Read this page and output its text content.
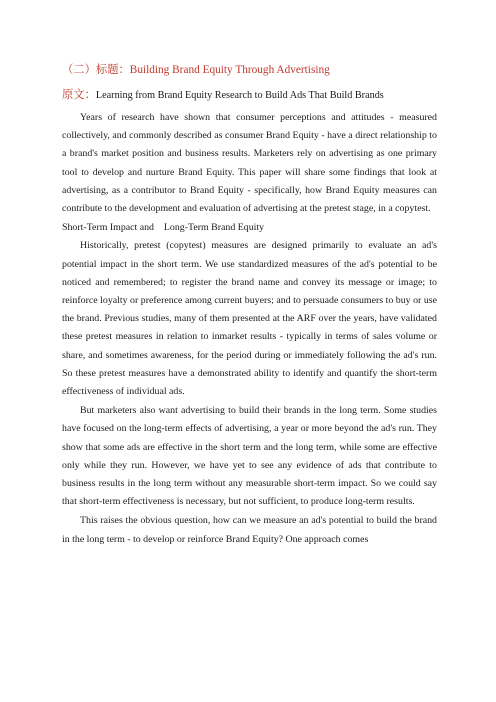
（二）标题：Building Brand Equity Through Advertising
原文：Learning from Brand Equity Research to Build Ads That Build Brands

Years of research have shown that consumer perceptions and attitudes - measured collectively, and commonly described as consumer Brand Equity - have a direct relationship to a brand's market position and business results. Marketers rely on advertising as one primary tool to develop and nurture Brand Equity. This paper will share some findings that look at advertising, as a contributor to Brand Equity - specifically, how Brand Equity measures can contribute to the development and evaluation of advertising at the pretest stage, in a copytest.

Short-Term Impact and    Long-Term Brand Equity

Historically, pretest (copytest) measures are designed primarily to evaluate an ad's potential impact in the short term. We use standardized measures of the ad's potential to be noticed and remembered; to register the brand name and convey its message or image; to reinforce loyalty or preference among current buyers; and to persuade consumers to buy or use the brand. Previous studies, many of them presented at the ARF over the years, have validated these pretest measures in relation to inmarket results - typically in terms of sales volume or share, and sometimes awareness, for the period during or immediately following the ad's run. So these pretest measures have a demonstrated ability to identify and quantify the short-term effectiveness of individual ads.

But marketers also want advertising to build their brands in the long term. Some studies have focused on the long-term effects of advertising, a year or more beyond the ad's run. They show that some ads are effective in the short term and the long term, while some are effective only while they run. However, we have yet to see any evidence of ads that contribute to business results in the long term without any measurable short-term impact. So we could say that short-term effectiveness is necessary, but not sufficient, to produce long-term results.

This raises the obvious question, how can we measure an ad's potential to build the brand in the long term - to develop or reinforce Brand Equity? One approach comes
